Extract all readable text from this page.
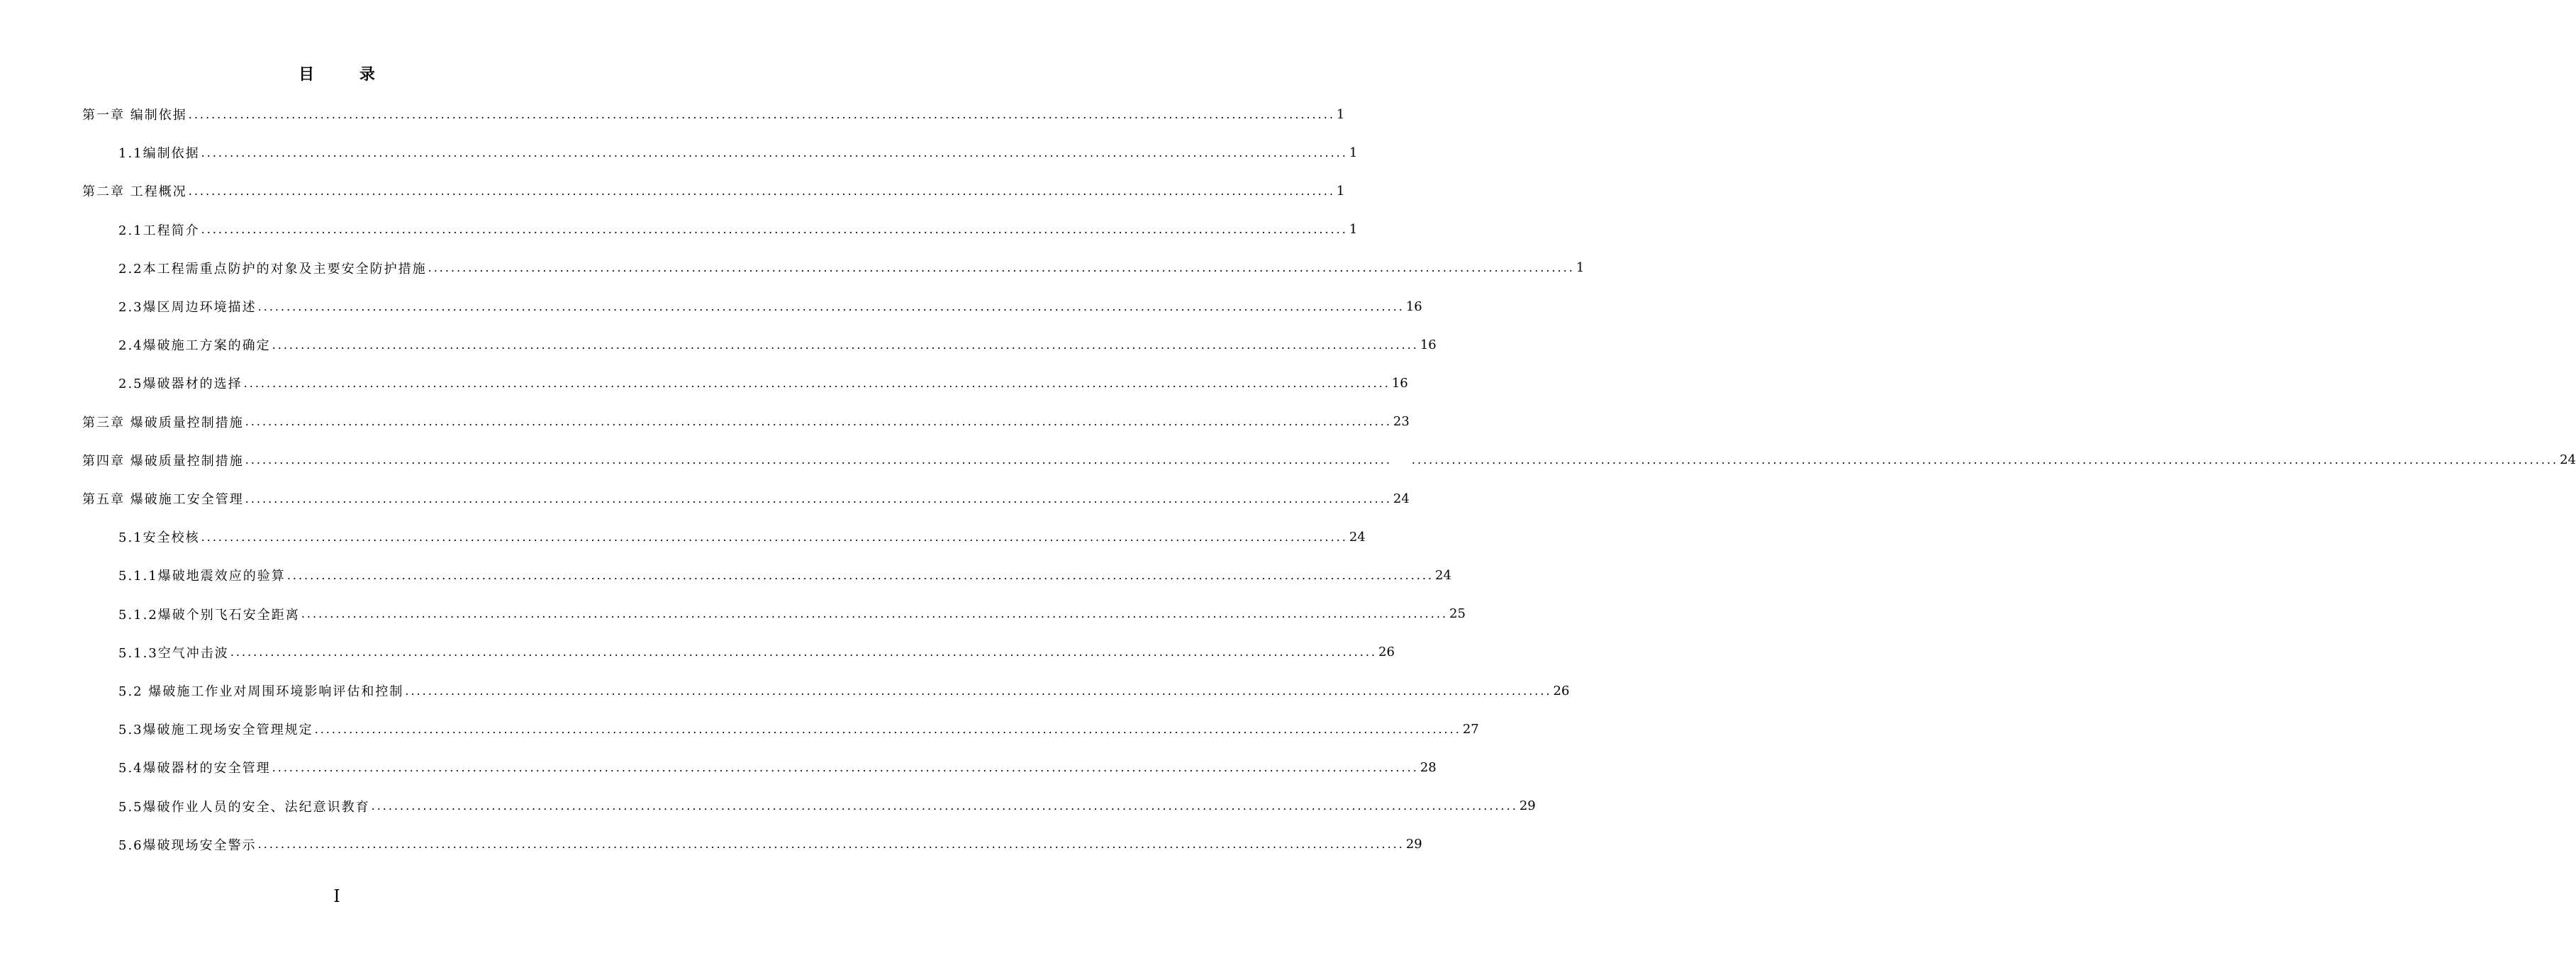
目 录
第一章 编制依据 ........................................................................................................................................................................................................ 1
1.1编制依据 ........................................................................................................................................................................................................ 1
第二章 工程概况 ........................................................................................................................................................................................................ 1
2.1工程简介 ........................................................................................................................................................................................................ 1
2.2本工程需重点防护的对象及主要安全防护措施 ........................................................................................................................................................................................................ 1
2.3爆区周边环境描述 ........................................................................................................................................................................................................ 16
2.4爆破施工方案的确定 ........................................................................................................................................................................................................ 16
2.5爆破器材的选择 ........................................................................................................................................................................................................ 16
第三章 爆破质量控制措施 ........................................................................................................................................................................................................ 23
第四章 爆破质量控制措施 ........................................................................................................................................................................................................ ........................................................................................................................................................................................................ 24
第五章 爆破施工安全管理 ........................................................................................................................................................................................................ 24
5.1安全校核 ........................................................................................................................................................................................................ 24
5.1.1爆破地震效应的验算 ........................................................................................................................................................................................................ 24
5.1.2爆破个别飞石安全距离 ........................................................................................................................................................................................................ 25
5.1.3空气冲击波 ........................................................................................................................................................................................................ 26
5.2 爆破施工作业对周围环境影响评估和控制 ........................................................................................................................................................................................................ 26
5.3爆破施工现场安全管理规定 ........................................................................................................................................................................................................ 27
5.4爆破器材的安全管理 ........................................................................................................................................................................................................ 28
5.5爆破作业人员的安全、法纪意识教育 ........................................................................................................................................................................................................ 29
5.6爆破现场安全警示 ........................................................................................................................................................................................................ 29
I
